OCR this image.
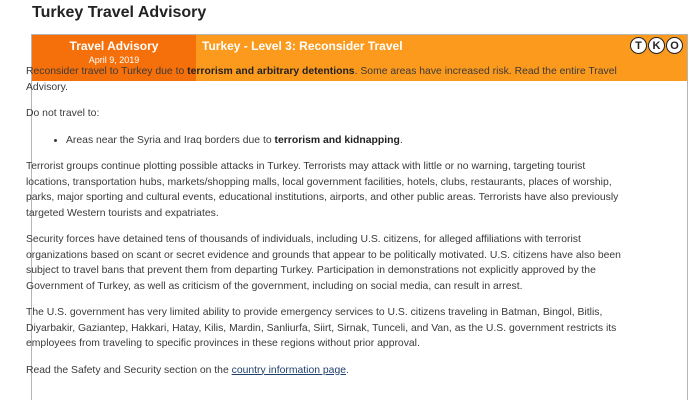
Turkey Travel Advisory
Travel Advisory
April 9, 2019
Turkey - Level 3: Reconsider Travel	T K O

Reconsider travel to Turkey due to terrorism and arbitrary detentions. Some areas have increased risk. Read the entire Travel Advisory.

Do not travel to:

• Areas near the Syria and Iraq borders due to terrorism and kidnapping.

Terrorist groups continue plotting possible attacks in Turkey. Terrorists may attack with little or no warning, targeting tourist locations, transportation hubs, markets/shopping malls, local government facilities, hotels, clubs, restaurants, places of worship, parks, major sporting and cultural events, educational institutions, airports, and other public areas. Terrorists have also previously targeted Western tourists and expatriates.

Security forces have detained tens of thousands of individuals, including U.S. citizens, for alleged affiliations with terrorist organizations based on scant or secret evidence and grounds that appear to be politically motivated. U.S. citizens have also been subject to travel bans that prevent them from departing Turkey. Participation in demonstrations not explicitly approved by the Government of Turkey, as well as criticism of the government, including on social media, can result in arrest.

The U.S. government has very limited ability to provide emergency services to U.S. citizens traveling in Batman, Bingol, Bitlis, Diyarbakir, Gaziantep, Hakkari, Hatay, Kilis, Mardin, Sanliurfa, Siirt, Sirnak, Tunceli, and Van, as the U.S. government restricts its employees from traveling to specific provinces in these regions without prior approval.

Read the Safety and Security section on the country information page.
